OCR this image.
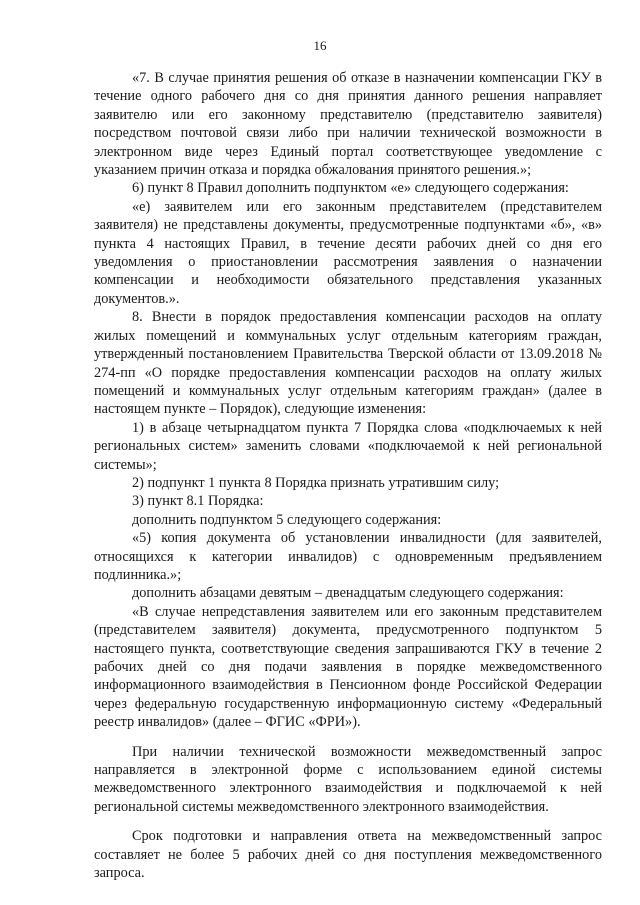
16

«7. В случае принятия решения об отказе в назначении компенсации ГКУ в течение одного рабочего дня со дня принятия данного решения направляет заявителю или его законному представителю (представителю заявителя) посредством почтовой связи либо при наличии технической возможности в электронном виде через Единый портал соответствующее уведомление с указанием причин отказа и порядка обжалования принятого решения.»;

6) пункт 8 Правил дополнить подпунктом «е» следующего содержания:

«е) заявителем или его законным представителем (представителем заявителя) не представлены документы, предусмотренные подпунктами «б», «в» пункта 4 настоящих Правил, в течение десяти рабочих дней со дня его уведомления о приостановлении рассмотрения заявления о назначении компенсации и необходимости обязательного представления указанных документов.».

8. Внести в порядок предоставления компенсации расходов на оплату жилых помещений и коммунальных услуг отдельным категориям граждан, утвержденный постановлением Правительства Тверской области от 13.09.2018 № 274-пп «О порядке предоставления компенсации расходов на оплату жилых помещений и коммунальных услуг отдельным категориям граждан» (далее в настоящем пункте – Порядок), следующие изменения:

1) в абзаце четырнадцатом пункта 7 Порядка слова «подключаемых к ней региональных систем» заменить словами «подключаемой к ней региональной системы»;

2) подпункт 1 пункта 8 Порядка признать утратившим силу;

3) пункт 8.1 Порядка:

дополнить подпунктом 5 следующего содержания:

«5) копия документа об установлении инвалидности (для заявителей, относящихся к категории инвалидов) с одновременным предъявлением подлинника.»;

дополнить абзацами девятым – двенадцатым следующего содержания:

«В случае непредставления заявителем или его законным представителем (представителем заявителя) документа, предусмотренного подпунктом 5 настоящего пункта, соответствующие сведения запрашиваются ГКУ в течение 2 рабочих дней со дня подачи заявления в порядке межведомственного информационного взаимодействия в Пенсионном фонде Российской Федерации через федеральную государственную информационную систему «Федеральный реестр инвалидов» (далее – ФГИС «ФРИ»).

При наличии технической возможности межведомственный запрос направляется в электронной форме с использованием единой системы межведомственного электронного взаимодействия и подключаемой к ней региональной системы межведомственного электронного взаимодействия.

Срок подготовки и направления ответа на межведомственный запрос составляет не более 5 рабочих дней со дня поступления межведомственного запроса.
